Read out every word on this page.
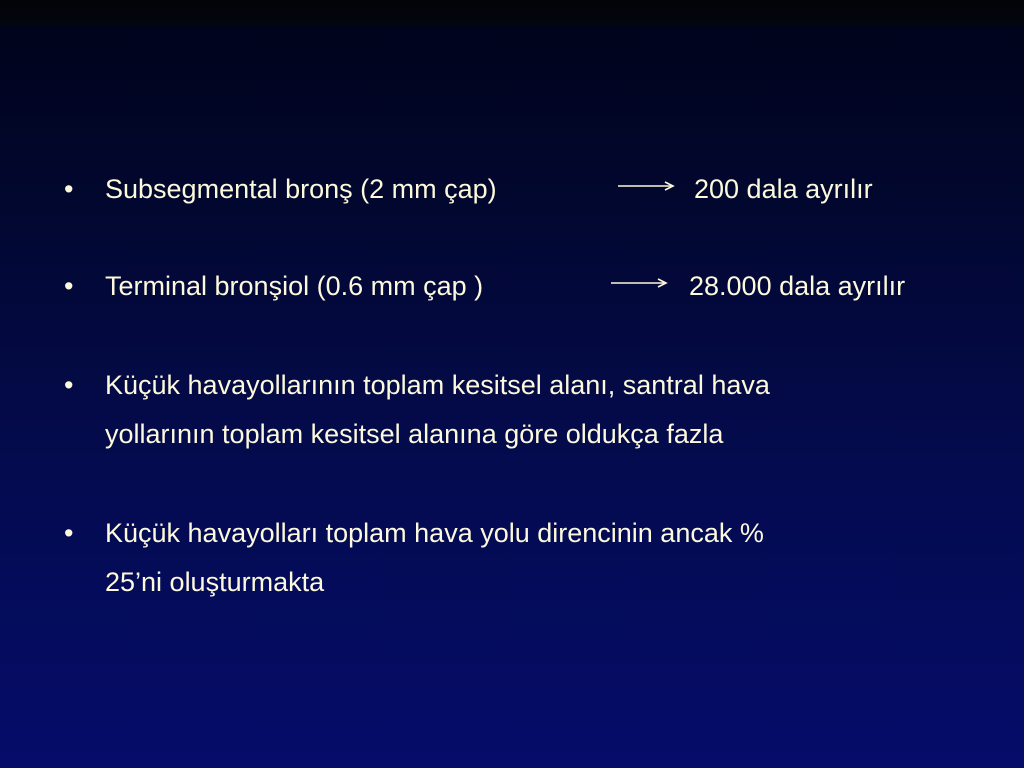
• Subsegmental bronş (2 mm çap)	200 dala ayrılır
• Terminal bronşiol (0.6 mm çap )	28.000 dala ayrılır
• Küçük havayollarının toplam kesitsel alanı, santral hava
yollarının toplam kesitsel alanına göre oldukça fazla
• Küçük havayolları toplam hava yolu direncinin ancak %
25’ni oluşturmakta
